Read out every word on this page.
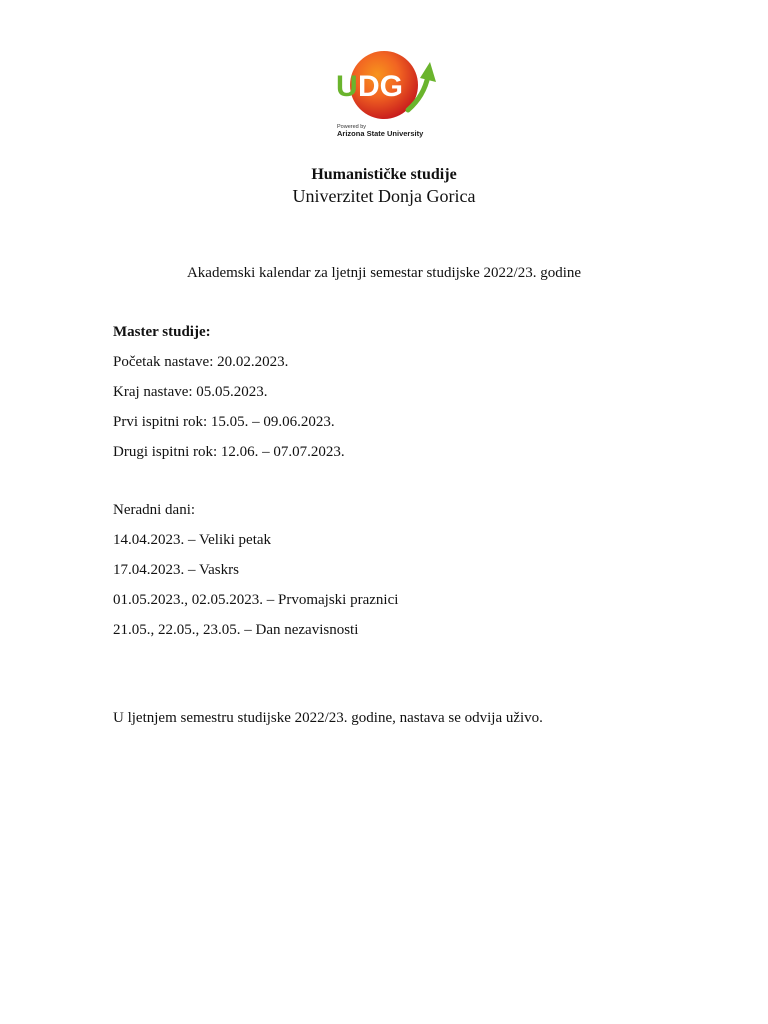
U DG
Powered by
Arizona State University
Humanističke studije
Univerzitet Donja Gorica
Akademski kalendar za ljetnji semestar studijske 2022/23. godine
Master studije:
Početak nastave: 20.02.2023.
Kraj nastave: 05.05.2023.
Prvi ispitni rok: 15.05. – 09.06.2023.
Drugi ispitni rok: 12.06. – 07.07.2023.
Neradni dani:
14.04.2023. – Veliki petak
17.04.2023. – Vaskrs
01.05.2023., 02.05.2023. – Prvomajski praznici
21.05., 22.05., 23.05. – Dan nezavisnosti
U ljetnjem semestru studijske 2022/23. godine, nastava se odvija uživo.
